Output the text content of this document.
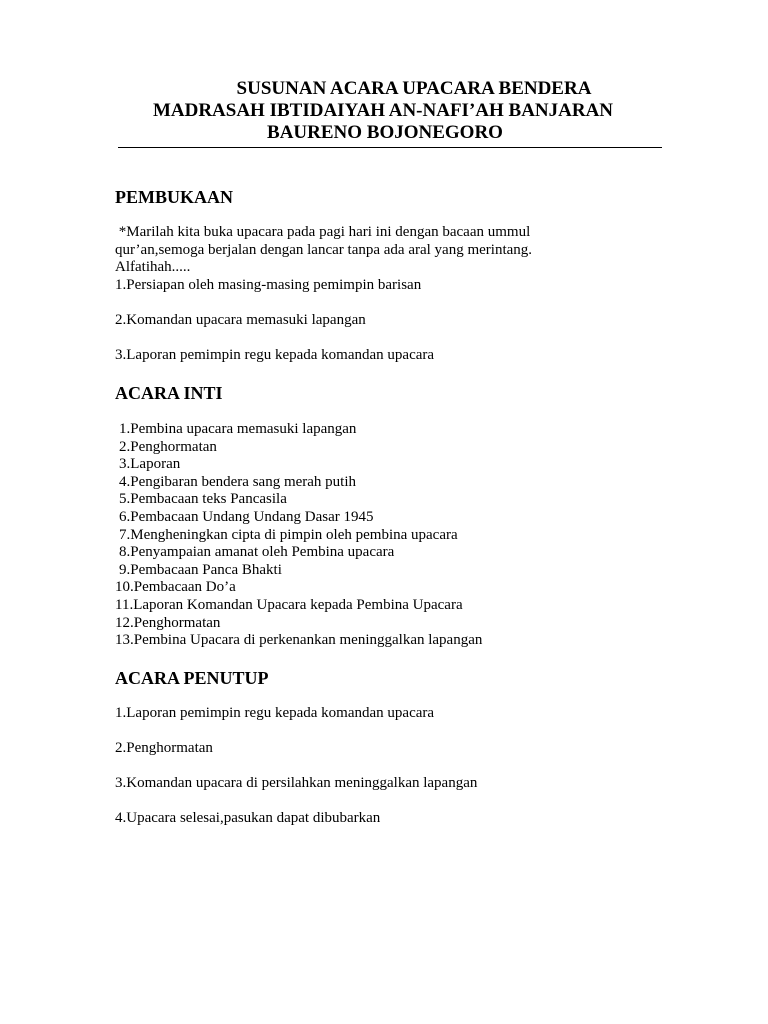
SUSUNAN ACARA UPACARA BENDERA
MADRASAH IBTIDAIYAH AN-NAFI’AH BANJARAN
BAURENO BOJONEGORO
PEMBUKAAN
*Marilah kita buka upacara pada pagi hari ini dengan bacaan ummul
qur’an,semoga berjalan dengan lancar tanpa ada aral yang merintang.
Alfatihah.....
1.Persiapan oleh masing-masing pemimpin barisan
2.Komandan upacara memasuki lapangan
3.Laporan pemimpin regu kepada komandan upacara
ACARA INTI
1.Pembina upacara memasuki lapangan
2.Penghormatan
3.Laporan
4.Pengibaran bendera sang merah putih
5.Pembacaan teks Pancasila
6.Pembacaan Undang Undang Dasar 1945
7.Mengheningkan cipta di pimpin oleh pembina upacara
8.Penyampaian amanat oleh Pembina upacara
9.Pembacaan Panca Bhakti
10.Pembacaan Do’a
11.Laporan Komandan Upacara kepada Pembina Upacara
12.Penghormatan
13.Pembina Upacara di perkenankan meninggalkan lapangan
ACARA PENUTUP
1.Laporan pemimpin regu kepada komandan upacara
2.Penghormatan
3.Komandan upacara di persilahkan meninggalkan lapangan
4.Upacara selesai,pasukan dapat dibubarkan
